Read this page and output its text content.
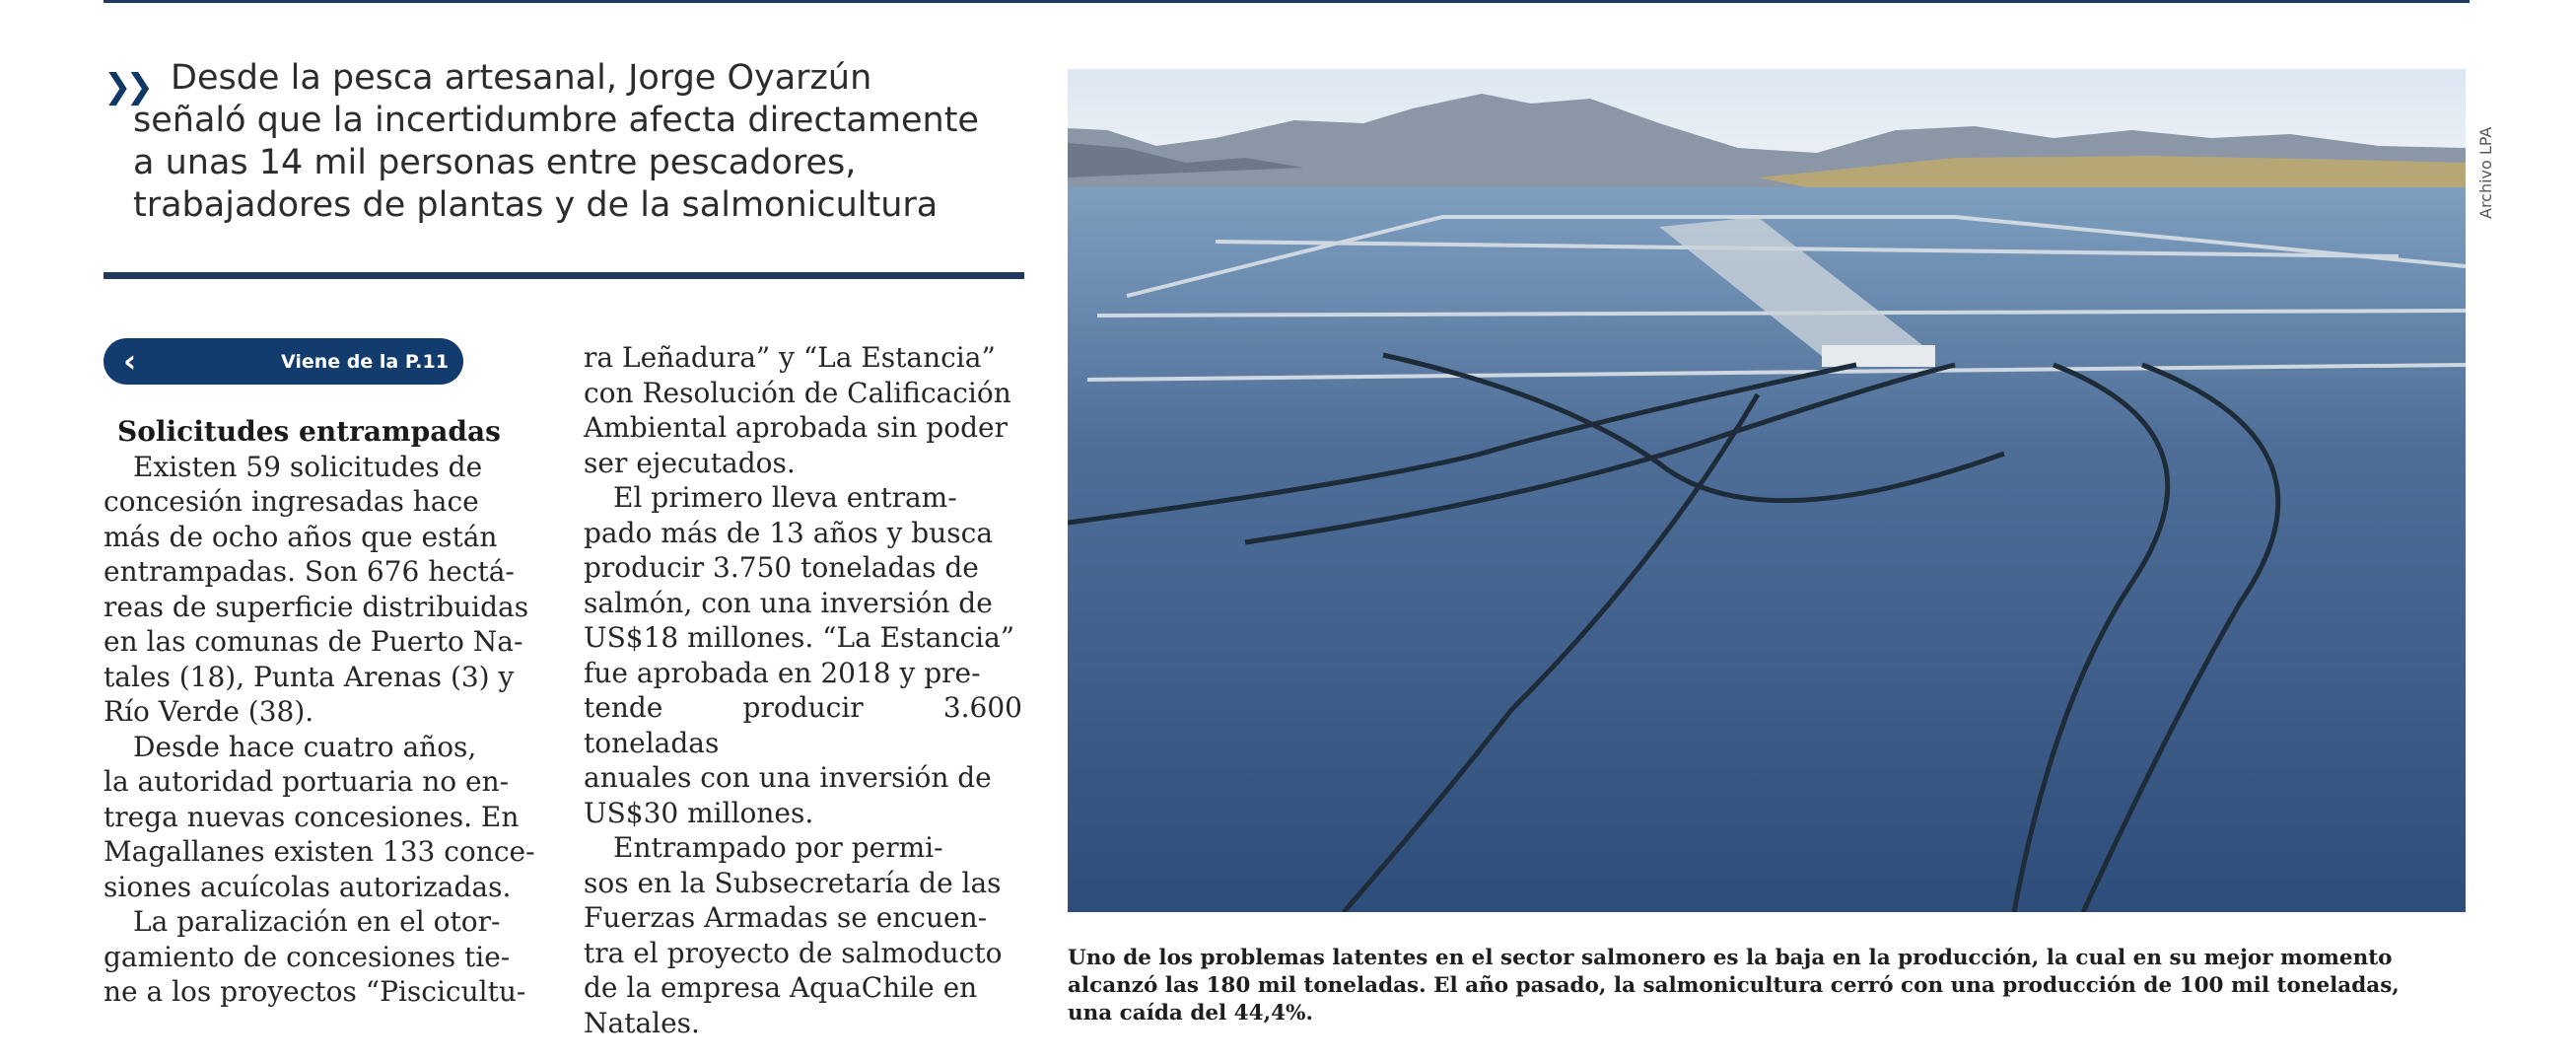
❯❯ Desde la pesca artesanal, Jorge Oyarzún
señaló que la incertidumbre afecta directamente
a unas 14 mil personas entre pescadores,
trabajadores de plantas y de la salmonicultura

‹	Viene de la P.11
Solicitudes entrampadas

Existen 59 solicitudes de
concesión ingresadas hace
más de ocho años que están
entrampadas. Son 676 hectá-
reas de superficie distribuidas
en las comunas de Puerto Na-
tales (18), Punta Arenas (3) y
Río Verde (38).

Desde hace cuatro años,
la autoridad portuaria no en-
trega nuevas concesiones. En
Magallanes existen 133 conce-
siones acuícolas autorizadas.

La paralización en el otor-
gamiento de concesiones tie-
ne a los proyectos “Piscicultu-

ra Leñadura” y “La Estancia”
con Resolución de Calificación
Ambiental aprobada sin poder
ser ejecutados.

El primero lleva entram-
pado más de 13 años y busca
producir 3.750 toneladas de
salmón, con una inversión de
US$18 millones. “La Estancia”
fue aprobada en 2018 y pre-
tende producir 3.600 toneladas
anuales con una inversión de
US$30 millones.

Entrampado por permi-
sos en la Subsecretaría de las
Fuerzas Armadas se encuen-
tra el proyecto de salmoducto
de la empresa AquaChile en
Natales.

Archivo LPA
Uno de los problemas latentes en el sector salmonero es la baja en la producción, la cual en su mejor momento
alcanzó las 180 mil toneladas. El año pasado, la salmonicultura cerró con una producción de 100 mil toneladas,
una caída del 44,4%.
